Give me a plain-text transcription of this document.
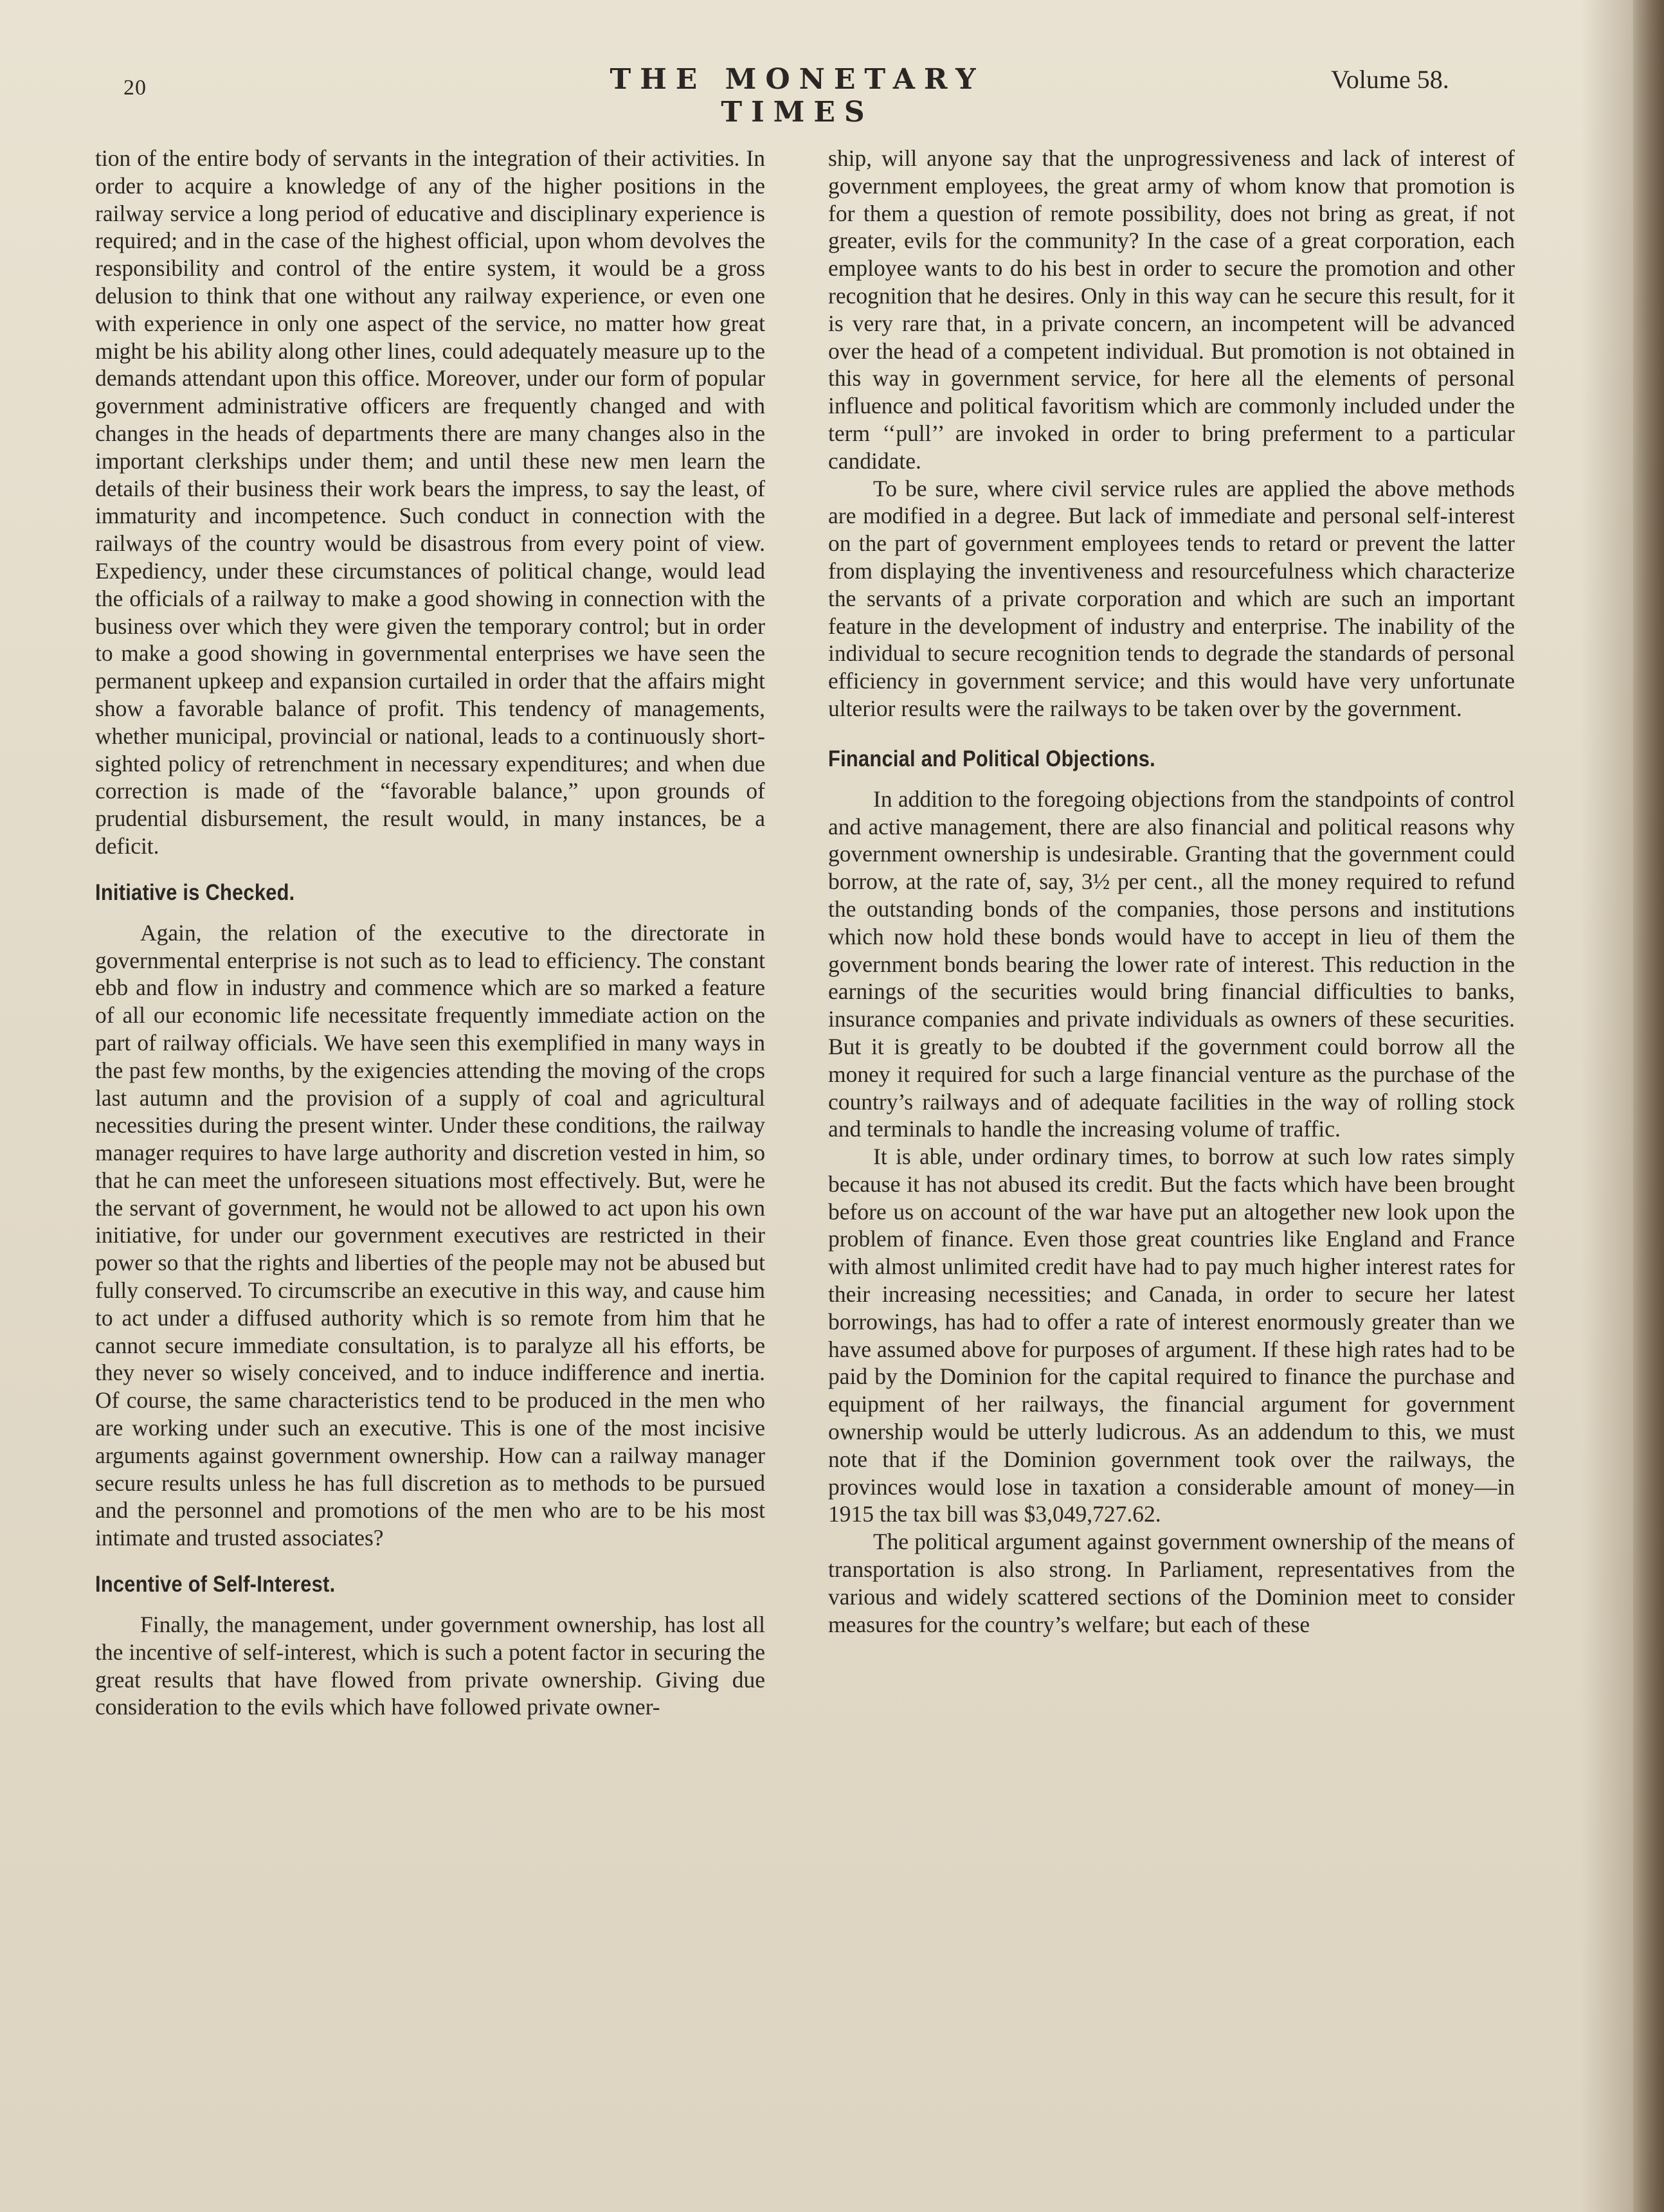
20	THE MONETARY TIMES
Volume 58.

tion of the entire body of servants in the integration of their activities. In order to acquire a knowledge of any of the higher positions in the railway service a long period of educative and disciplinary experience is required; and in the case of the highest official, upon whom devolves the responsibility and control of the entire system, it would be a gross delusion to think that one without any railway experience, or even one with experience in only one aspect of the service, no matter how great might be his ability along other lines, could adequately measure up to the demands attendant upon this office. Moreover, under our form of popular government administrative officers are frequently changed and with changes in the heads of departments there are many changes also in the important clerkships under them; and until these new men learn the details of their business their work bears the impress, to say the least, of immaturity and incompetence. Such conduct in connection with the railways of the country would be disastrous from every point of view. Expediency, under these circumstances of political change, would lead the officials of a railway to make a good showing in connection with the business over which they were given the temporary control; but in order to make a good showing in governmental enterprises we have seen the permanent upkeep and expansion curtailed in order that the affairs might show a favorable balance of profit. This tendency of managements, whether municipal, provincial or national, leads to a continuously short-sighted policy of retrenchment in necessary expenditures; and when due correction is made of the “favorable balance,” upon grounds of prudential disbursement, the result would, in many instances, be a deficit.

Initiative is Checked.

Again, the relation of the executive to the directorate in governmental enterprise is not such as to lead to efficiency. The constant ebb and flow in industry and commence which are so marked a feature of all our economic life necessitate frequently immediate action on the part of railway officials. We have seen this exemplified in many ways in the past few months, by the exigencies attending the moving of the crops last autumn and the provision of a supply of coal and agricultural necessities during the present winter. Under these conditions, the railway manager requires to have large authority and discretion vested in him, so that he can meet the unforeseen situations most effectively. But, were he the servant of government, he would not be allowed to act upon his own initiative, for under our government executives are restricted in their power so that the rights and liberties of the people may not be abused but fully conserved. To circumscribe an executive in this way, and cause him to act under a diffused authority which is so remote from him that he cannot secure immediate consultation, is to paralyze all his efforts, be they never so wisely conceived, and to induce indifference and inertia. Of course, the same characteristics tend to be produced in the men who are working under such an executive. This is one of the most incisive arguments against government ownership. How can a railway manager secure results unless he has full discretion as to methods to be pursued and the personnel and promotions of the men who are to be his most intimate and trusted associates?

Incentive of Self-Interest.

Finally, the management, under government ownership, has lost all the incentive of self-interest, which is such a potent factor in securing the great results that have flowed from private ownership. Giving due consideration to the evils which have followed private owner-

ship, will anyone say that the unprogressiveness and lack of interest of government employees, the great army of whom know that promotion is for them a question of remote possibility, does not bring as great, if not greater, evils for the community? In the case of a great corporation, each employee wants to do his best in order to secure the promotion and other recognition that he desires. Only in this way can he secure this result, for it is very rare that, in a private concern, an incompetent will be advanced over the head of a competent individual. But promotion is not obtained in this way in government service, for here all the elements of personal influence and political favoritism which are commonly included under the term ‘‘pull’’ are invoked in order to bring preferment to a particular candidate.

To be sure, where civil service rules are applied the above methods are modified in a degree. But lack of immediate and personal self-interest on the part of government employees tends to retard or prevent the latter from displaying the inventiveness and resourcefulness which characterize the servants of a private corporation and which are such an important feature in the development of industry and enterprise. The inability of the individual to secure recognition tends to degrade the standards of personal efficiency in government service; and this would have very unfortunate ulterior results were the railways to be taken over by the government.

Financial and Political Objections.

In addition to the foregoing objections from the standpoints of control and active management, there are also financial and political reasons why government ownership is undesirable. Granting that the government could borrow, at the rate of, say, 3½ per cent., all the money required to refund the outstanding bonds of the companies, those persons and institutions which now hold these bonds would have to accept in lieu of them the government bonds bearing the lower rate of interest. This reduction in the earnings of the securities would bring financial difficulties to banks, insurance companies and private individuals as owners of these securities. But it is greatly to be doubted if the government could borrow all the money it required for such a large financial venture as the purchase of the country’s railways and of adequate facilities in the way of rolling stock and terminals to handle the increasing volume of traffic.

It is able, under ordinary times, to borrow at such low rates simply because it has not abused its credit. But the facts which have been brought before us on account of the war have put an altogether new look upon the problem of finance. Even those great countries like England and France with almost unlimited credit have had to pay much higher interest rates for their increasing necessities; and Canada, in order to secure her latest borrowings, has had to offer a rate of interest enormously greater than we have assumed above for purposes of argument. If these high rates had to be paid by the Dominion for the capital required to finance the purchase and equipment of her railways, the financial argument for government ownership would be utterly ludicrous. As an addendum to this, we must note that if the Dominion government took over the railways, the provinces would lose in taxation a considerable amount of money—in 1915 the tax bill was $3,049,727.62.

The political argument against government ownership of the means of transportation is also strong. In Parliament, representatives from the various and widely scattered sections of the Dominion meet to consider measures for the country’s welfare; but each of these
